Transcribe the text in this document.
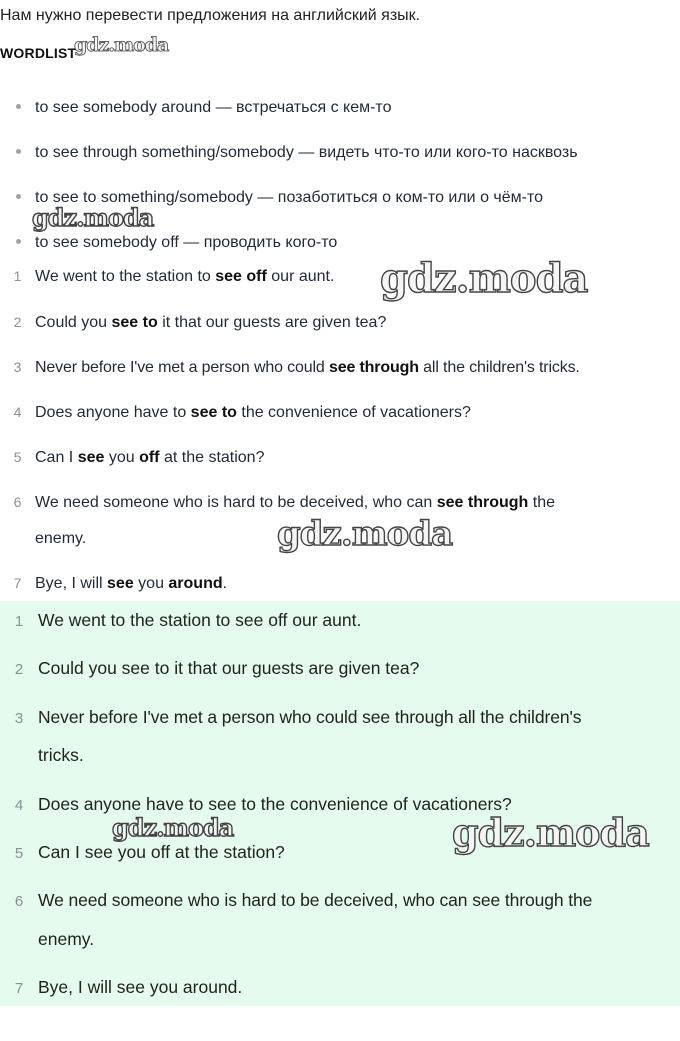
Нам нужно перевести предложения на английский язык.
WORDLIST
to see somebody around — встречаться с кем-то
to see through something/somebody — видеть что-то или кого-то насквозь
to see to something/somebody — позаботиться о ком-то или о чём-то
to see somebody off — проводить кого-то
1 We went to the station to see off our aunt.
2 Could you see to it that our guests are given tea?
3 Never before I've met a person who could see through all the children's tricks.
4 Does anyone have to see to the convenience of vacationers?
5 Can I see you off at the station?
6 We need someone who is hard to be deceived, who can see through the
enemy.
7 Bye, I will see you around.
1 We went to the station to see off our aunt.
2 Could you see to it that our guests are given tea?
3 Never before I've met a person who could see through all the children's
tricks.
4 Does anyone have to see to the convenience of vacationers?
5 Can I see you off at the station?
6 We need someone who is hard to be deceived, who can see through the
enemy.
7 Bye, I will see you around.
gdz.moda
gdz.moda
gdz.moda
gdz.moda
gdz.moda	gdz.moda
